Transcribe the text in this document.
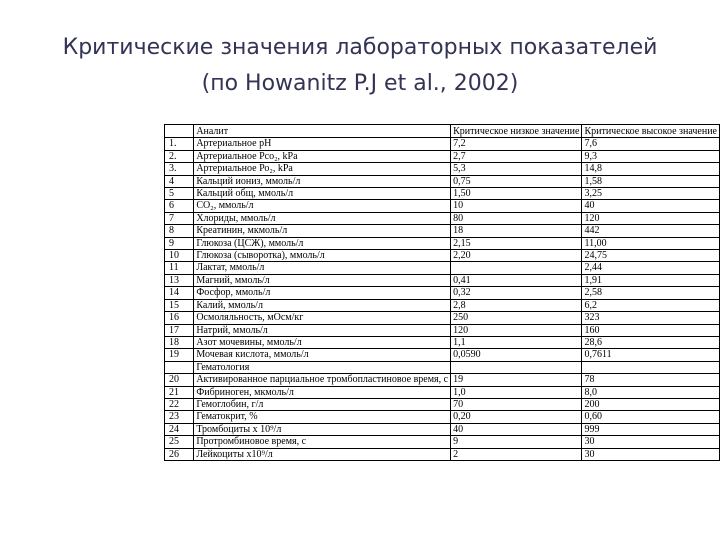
Критические значения лабораторных показателей
(по Howanitz P.J et al., 2002)
	Аналит	Критическое низкое значение	Критическое высокое значение
1.	Артериальное рН	7,2	7,6
2.	Артериальное Рсо₂, kPa	2,7	9,3
3.	Артериальное Ро₂, kPa	5,3	14,8
4	Кальций иониз, ммоль/л	0,75	1,58
5	Кальций общ, ммоль/л	1,50	3,25
6	CO₂, ммоль/л	10	40
7	Хлориды, ммоль/л	80	120
8	Креатинин, мкмоль/л	18	442
9	Глюкоза (ЦСЖ), ммоль/л	2,15	11,00
10	Глюкоза (сыворотка), ммоль/л	2,20	24,75
11	Лактат, ммоль/л		2,44
13	Магний, ммоль/л	0,41	1,91
14	Фосфор, ммоль/л	0,32	2,58
15	Калий, ммоль/л	2,8	6,2
16	Осмоляльность, мОсм/кг	250	323
17	Натрий, ммоль/л	120	160
18	Азот мочевины, ммоль/л	1,1	28,6
19	Мочевая кислота, ммоль/л	0,0590	0,7611
	Гематология		
20	Активированное парциальное тромбопластиновое время, с	19	78
21	Фибриноген, мкмоль/л	1,0	8,0
22	Гемоглобин, г/л	70	200
23	Гематокрит, %	0,20	0,60
24	Тромбоциты х 10⁹/л	40	999
25	Протромбиновое время, с	9	30
26	Лейкоциты х10⁹/л	2	30
